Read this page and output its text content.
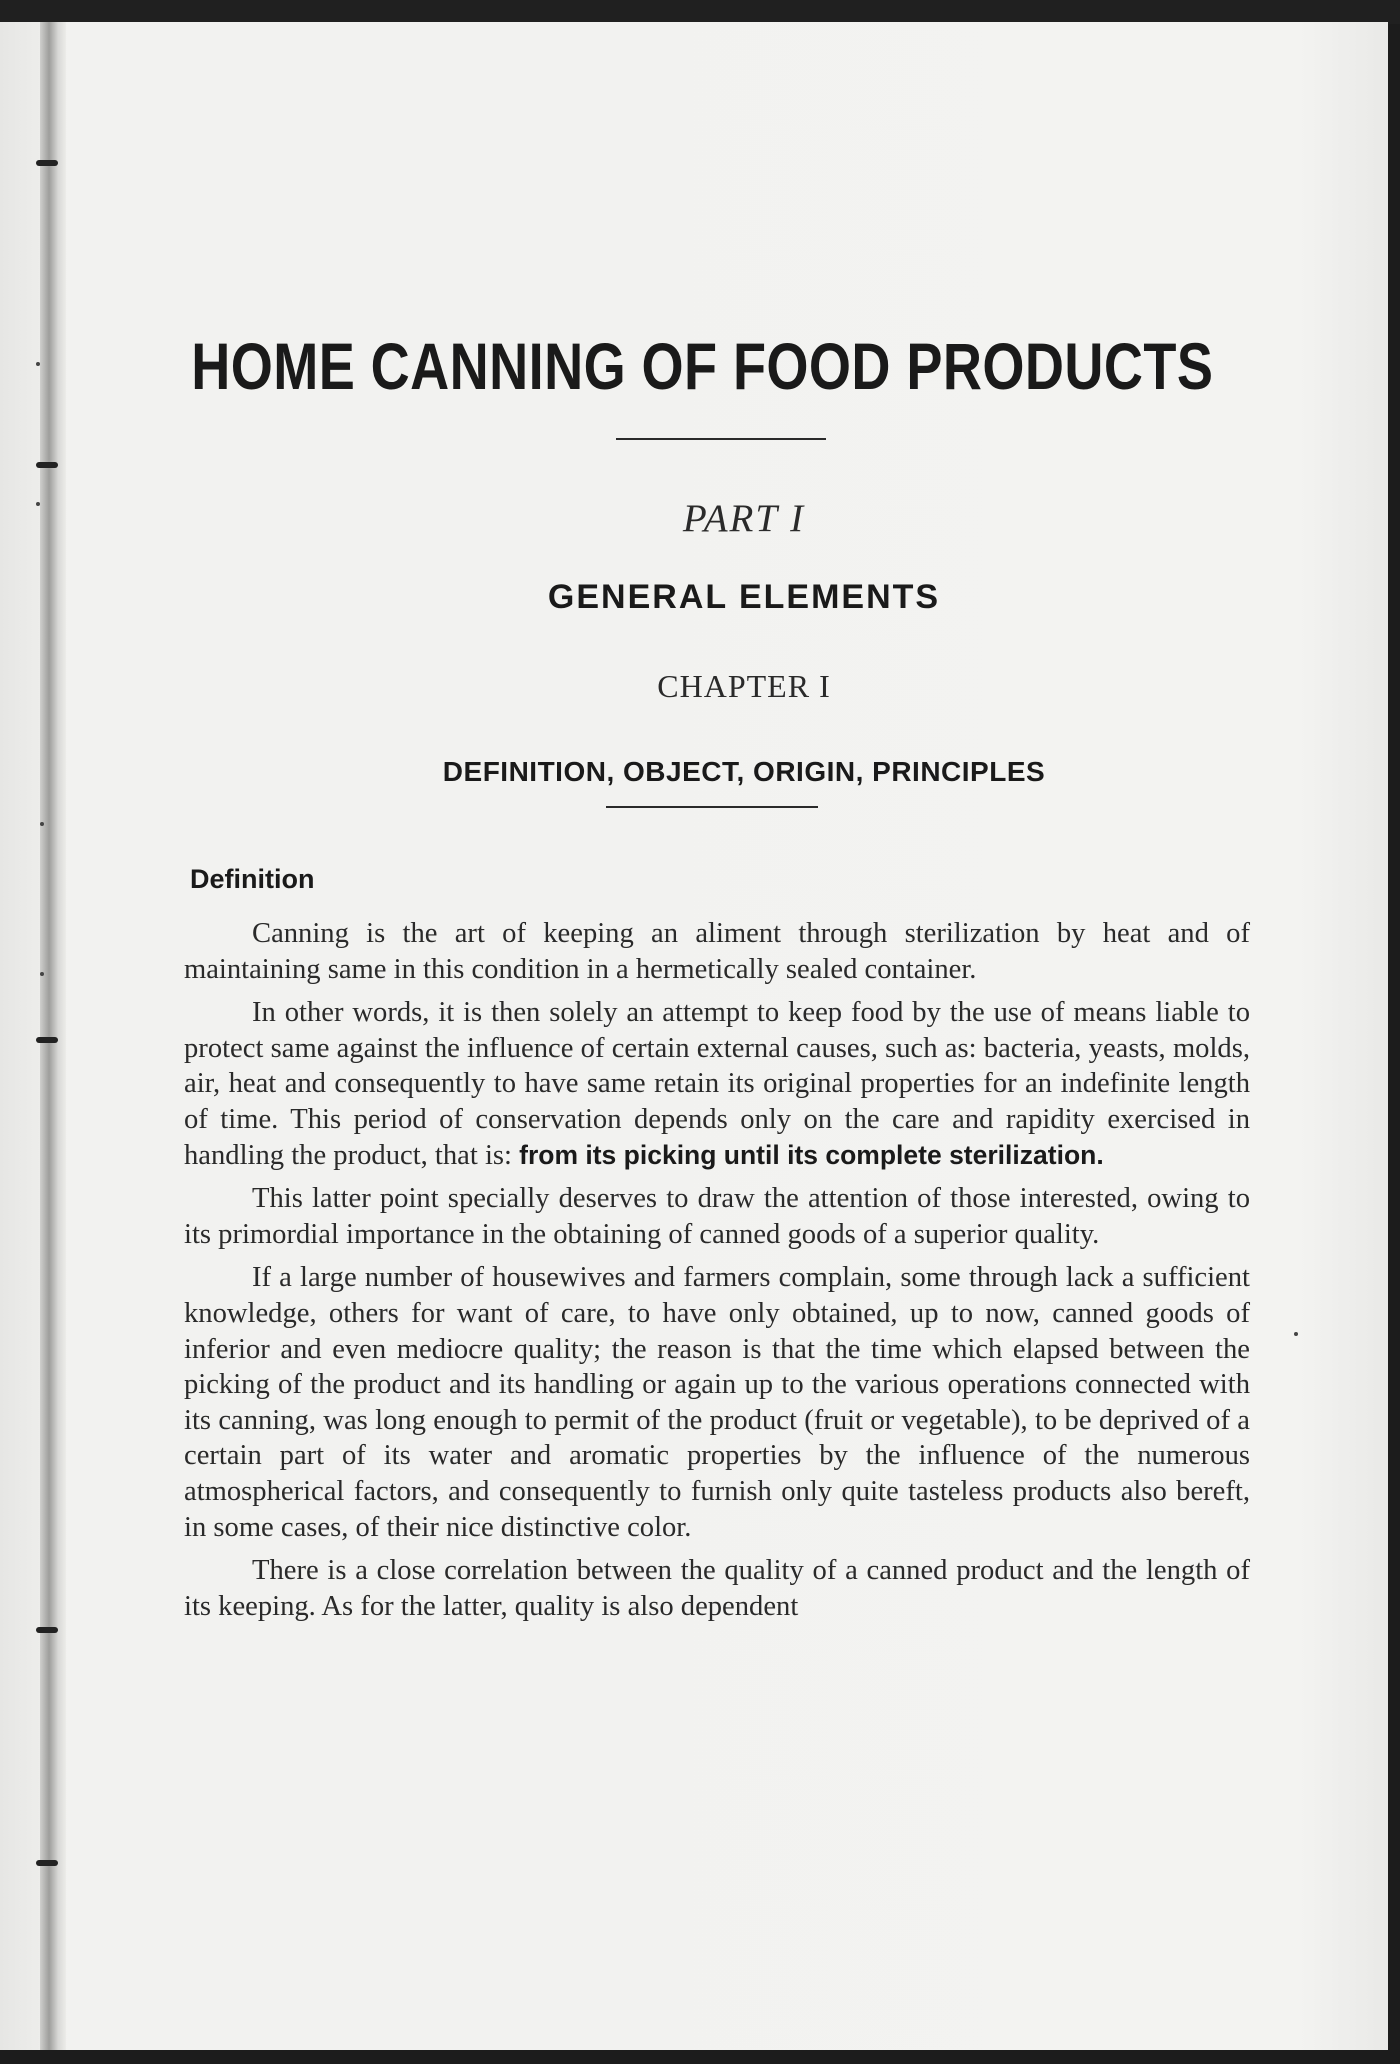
HOME CANNING OF FOOD PRODUCTS
PART I
GENERAL ELEMENTS
CHAPTER I
DEFINITION, OBJECT, ORIGIN, PRINCIPLES
Definition

Canning is the art of keeping an aliment through sterilization by heat and of maintaining same in this condition in a hermetically sealed container.

In other words, it is then solely an attempt to keep food by the use of means liable to protect same against the influence of certain external causes, such as: bacteria, yeasts, molds, air, heat and consequently to have same retain its original properties for an indefinite length of time. This period of conservation depends only on the care and rapidity exercised in handling the product, that is: from its picking until its complete sterilization.

This latter point specially deserves to draw the attention of those interested, owing to its primordial importance in the obtaining of canned goods of a superior quality.

If a large number of housewives and farmers complain, some through lack a sufficient knowledge, others for want of care, to have only obtained, up to now, canned goods of inferior and even mediocre quality; the reason is that the time which elapsed between the picking of the product and its handling or again up to the various operations connected with its canning, was long enough to permit of the product (fruit or vegetable), to be deprived of a certain part of its water and aromatic properties by the influence of the numerous atmospherical factors, and consequently to furnish only quite tasteless products also bereft, in some cases, of their nice distinctive color.

There is a close correlation between the quality of a canned product and the length of its keeping. As for the latter, quality is also dependent
